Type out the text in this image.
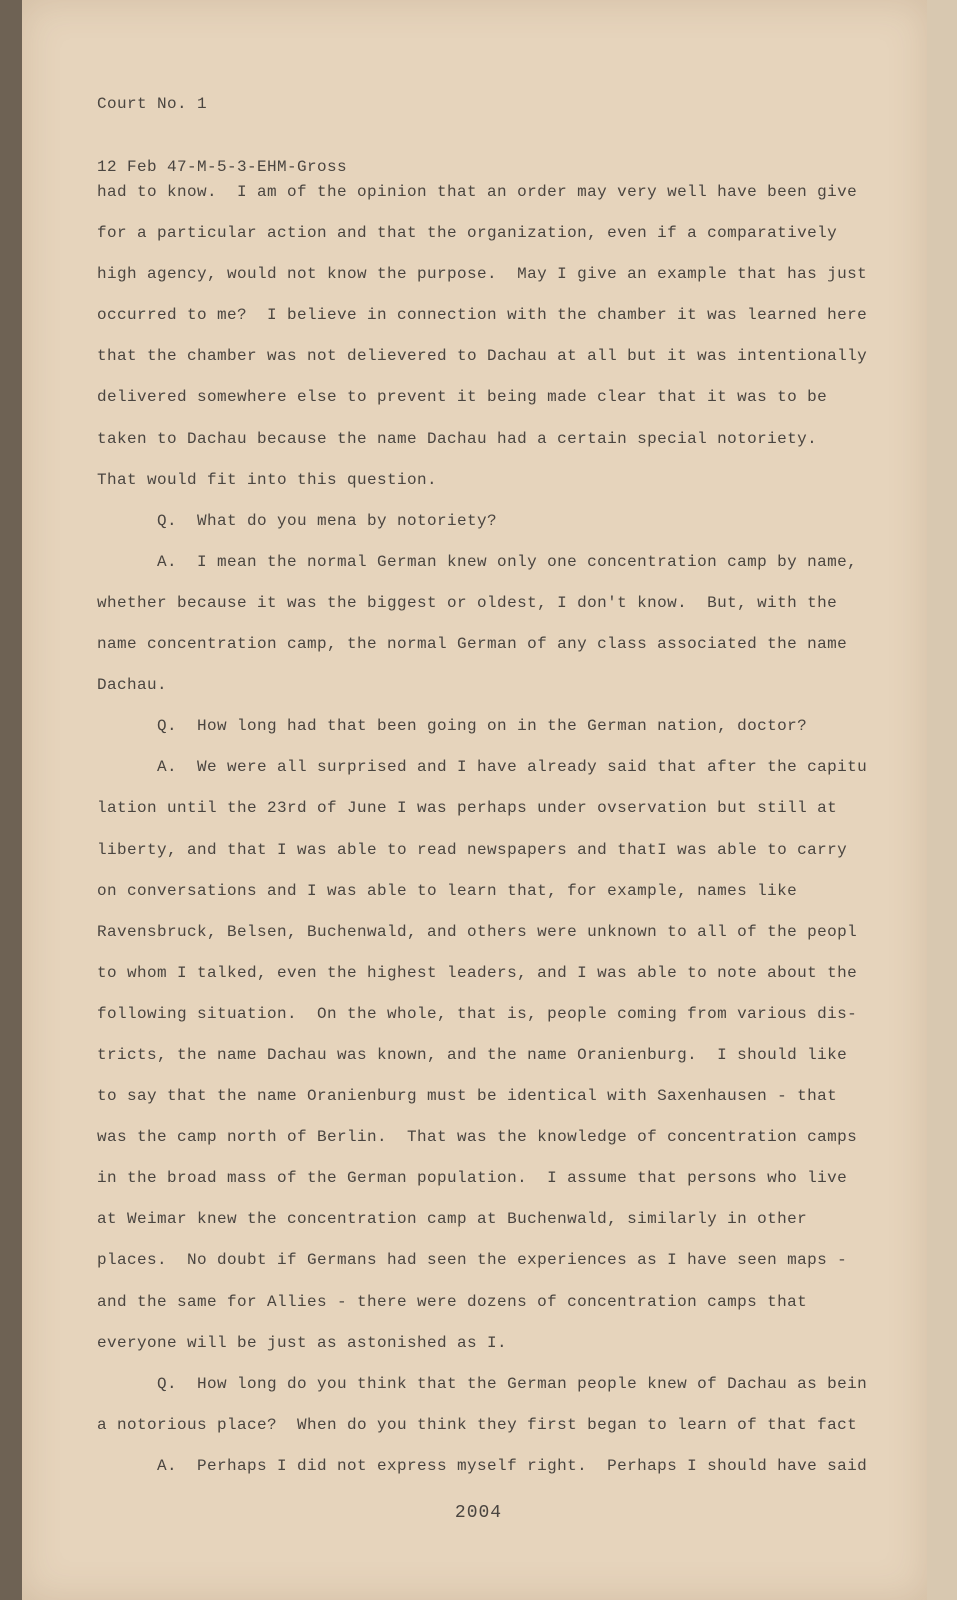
Court No. 1

12 Feb 47-M-5-3-EHM-Gross

had to know.  I am of the opinion that an order may very well have been give
for a particular action and that the organization, even if a comparatively
high agency, would not know the purpose.  May I give an example that has just
occurred to me?  I believe in connection with the chamber it was learned here
that the chamber was not delievered to Dachau at all but it was intentionally
delivered somewhere else to prevent it being made clear that it was to be
taken to Dachau because the name Dachau had a certain special notoriety.
That would fit into this question.
Q.  What do you mena by notoriety?
A.  I mean the normal German knew only one concentration camp by name,
whether because it was the biggest or oldest, I don't know.  But, with the
name concentration camp, the normal German of any class associated the name
Dachau.
Q.  How long had that been going on in the German nation, doctor?
A.  We were all surprised and I have already said that after the capitu
lation until the 23rd of June I was perhaps under ovservation but still at
liberty, and that I was able to read newspapers and thatI was able to carry
on conversations and I was able to learn that, for example, names like
Ravensbruck, Belsen, Buchenwald, and others were unknown to all of the peopl
to whom I talked, even the highest leaders, and I was able to note about the
following situation.  On the whole, that is, people coming from various dis-
tricts, the name Dachau was known, and the name Oranienburg.  I should like
to say that the name Oranienburg must be identical with Saxenhausen - that
was the camp north of Berlin.  That was the knowledge of concentration camps
in the broad mass of the German population.  I assume that persons who live
at Weimar knew the concentration camp at Buchenwald, similarly in other
places.  No doubt if Germans had seen the experiences as I have seen maps -
and the same for Allies - there were dozens of concentration camps that
everyone will be just as astonished as I.
Q.  How long do you think that the German people knew of Dachau as bein
a notorious place?  When do you think they first began to learn of that fact
A.  Perhaps I did not express myself right.  Perhaps I should have said
2004
